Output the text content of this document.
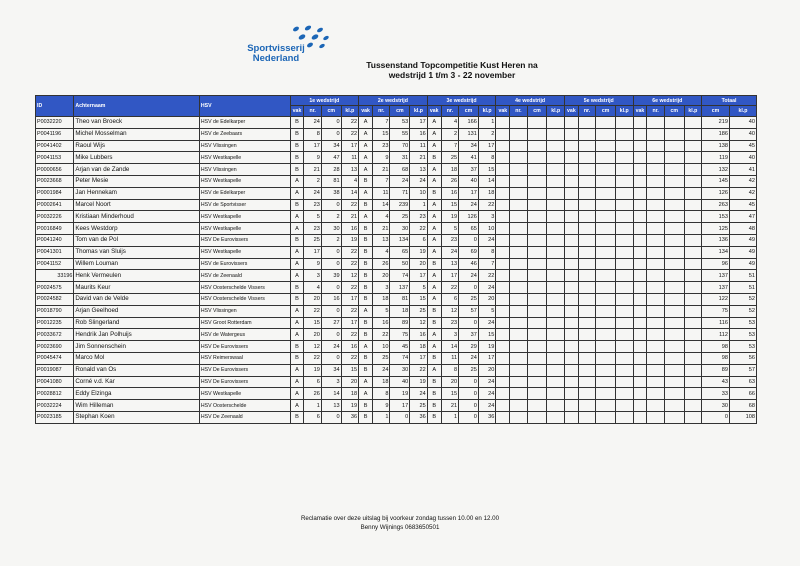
Sportvisserij
Nederland
Tussenstand Topcompetitie Kust Heren na
wedstrijd 1 t/m 3 - 22 november
ID	Achternaam	HSV	1e wedstrijd				2e wedstrijd				3e wedstrijd				4e wedstrijd				5e wedstrijd				6e wedstrijd				Totaal	
			vak	nr.	cm	kl.p	vak	nr.	cm	kl.p	vak	nr.	cm	kl.p	vak	nr.	cm	kl.p	vak	nr.	cm	kl.p	vak	nr.	cm	kl.p	cm	kl.p
P0032220	Theo van Broeck	HSV de Edelkarper	B	24	0	22	A	7	53	17	A	4	166	1													219	40
P0041196	Michel Mosselman	HSV de Zeebaars	B	8	0	22	A	15	55	16	A	2	131	2													186	40
P0041402	Raoul Wijs	HSV Vlissingen	B	17	34	17	A	23	70	11	A	7	34	17													138	45
P0041153	Mike Lubbers	HSV Westkapelle	B	9	47	11	A	9	31	21	B	25	41	8													119	40
P0000656	Arjan van de Zande	HSV Vlissingen	B	21	28	13	A	21	68	13	A	18	37	15													132	41
P0023668	Peter Mesie	HSV Westkapelle	A	2	81	4	B	7	24	24	A	26	40	14													145	42
P0001984	Jan Hennekam	HSV de Edelkarper	A	24	38	14	A	11	71	10	B	16	17	18													126	42
P0002641	Marcel Noort	HSV de Sportvisser	B	23	0	22	B	14	239	1	A	15	24	22													263	45
P0032226	Kristiaan Minderhoud	HSV Westkapelle	A	5	2	21	A	4	25	23	A	19	126	3													153	47
P0016849	Kees Westdorp	HSV Westkapelle	A	23	30	16	B	21	30	22	A	5	65	10													125	48
P0041240	Tom van de Pol	HSV De Eurovissers	B	25	2	19	B	13	134	6	A	23	0	24													136	49
P0041301	Thomas van Sluijs	HSV Westkapelle	A	17	0	22	B	4	65	19	A	24	69	8													134	49
P0041152	Willem Louman	HSV de Eurovissers	A	9	0	22	B	26	50	20	B	13	46	7													96	49
33196	Henk Vermeulen	HSV de Zeenaald	A	3	39	12	B	20	74	17	A	17	24	22													137	51
P0024575	Maurits Keur	HSV Oosterschelde Vissers	B	4	0	22	B	3	137	5	A	22	0	24													137	51
P0024582	David van de Velde	HSV Oosterschelde Vissers	B	20	16	17	B	18	81	15	A	6	25	20													122	52
P0018790	Arjan Geelhoed	HSV Vlissingen	A	22	0	22	A	5	18	25	B	12	57	5													75	52
P0012235	Rob Slingerland	HSV Groot Rotterdam	A	15	27	17	B	16	89	12	B	23	0	24													116	53
P0033672	Hendrik Jan Polhuijs	HSV de Watergeus	A	20	0	22	B	22	75	16	A	3	37	15													112	53
P0023690	Jim Sonnenschein	HSV De Eurovissers	B	12	24	16	A	10	45	18	A	14	29	19													98	53
P0045474	Marco Mol	HSV Reimerswaal	B	22	0	22	B	25	74	17	B	11	24	17													98	56
P0019087	Ronald van Os	HSV De Eurovissers	A	19	34	15	B	24	30	22	A	8	25	20													89	57
P0041080	Corné v.d. Kar	HSV De Eurovissers	A	6	3	20	A	18	40	19	B	20	0	24													43	63
P0028812	Eddy Elzinga	HSV Westkapelle	A	26	14	18	A	8	19	24	B	15	0	24													33	66
P0032224	Wim Hilleman	HSV Oosterschelde	A	1	13	19	B	9	17	25	B	21	0	24													30	68
P0023185	Stephan Koen	HSV De Zeenaald	B	6	0	36	B	1	0	36	B	1	0	36													0	108
Reclamatie over deze uitslag bij voorkeur zondag tussen 10.00 en 12.00
Benny Wijnings 0683650501
